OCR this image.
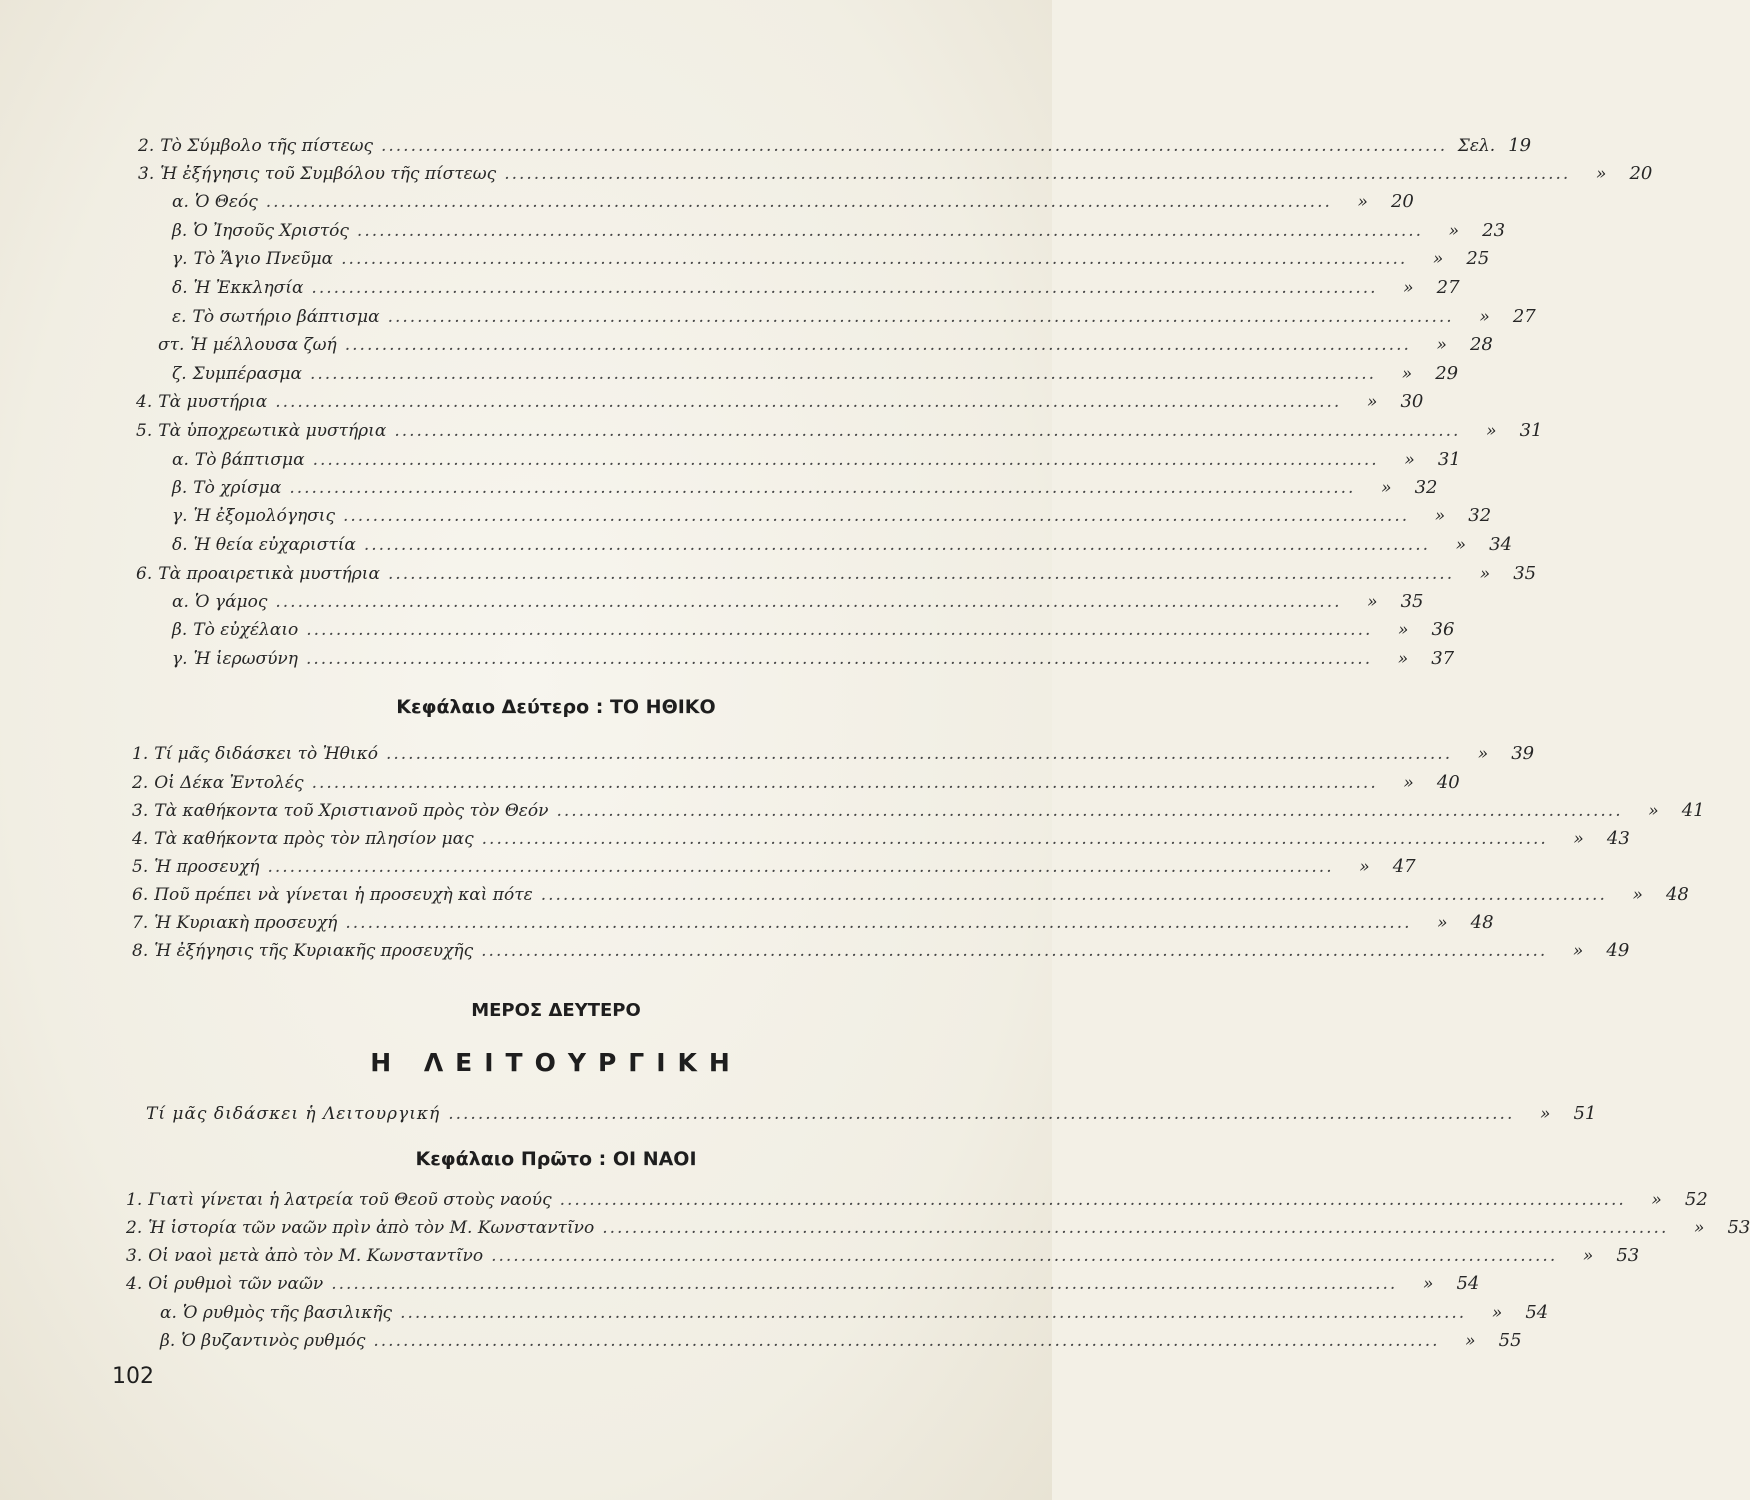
2. Τὸ Σύμβολο τῆς πίστεως ................................................................................................................................................ Σελ. 19
3. Ἡ ἐξήγησις τοῦ Συμβόλου τῆς πίστεως ................................................................................................................................................	»	20
α. Ὁ Θεός ................................................................................................................................................	»	20
β. Ὁ Ἰησοῦς Χριστός ................................................................................................................................................	»	23
γ. Τὸ Ἅγιο Πνεῦμα ................................................................................................................................................	»	25
δ. Ἡ Ἐκκλησία ................................................................................................................................................	»	27
ε. Τὸ σωτήριο βάπτισμα ................................................................................................................................................	»	27
στ. Ἡ μέλλουσα ζωή ................................................................................................................................................	»	28
ζ. Συμπέρασμα ................................................................................................................................................	»	29
4. Τὰ μυστήρια ................................................................................................................................................	»	30
5. Τὰ ὑποχρεωτικὰ μυστήρια ................................................................................................................................................	»	31
α. Τὸ βάπτισμα ................................................................................................................................................	»	31
β. Τὸ χρίσμα ................................................................................................................................................	»	32
γ. Ἡ ἐξομολόγησις ................................................................................................................................................	»	32
δ. Ἡ θεία εὐχαριστία ................................................................................................................................................	»	34
6. Τὰ προαιρετικὰ μυστήρια ................................................................................................................................................	»	35
α. Ὁ γάμος ................................................................................................................................................	»	35
β. Τὸ εὐχέλαιο ................................................................................................................................................	»	36
γ. Ἡ ἱερωσύνη ................................................................................................................................................	»	37
Κεφάλαιο Δεύτερο : ΤΟ ΗΘΙΚΟ
1. Τί μᾶς διδάσκει τὸ Ἠθικό ................................................................................................................................................	»	39
2. Οἱ Δέκα Ἐντολές ................................................................................................................................................	»	40
3. Τὰ καθήκοντα τοῦ Χριστιανοῦ πρὸς τὸν Θεόν ................................................................................................................................................	»	41
4. Τὰ καθήκοντα πρὸς τὸν πλησίον μας ................................................................................................................................................	»	43
5. Ἡ προσευχή ................................................................................................................................................	»	47
6. Ποῦ πρέπει νὰ γίνεται ἡ προσευχὴ καὶ πότε ................................................................................................................................................	»	48
7. Ἡ Κυριακὴ προσευχή ................................................................................................................................................	»	48
8. Ἡ ἐξήγησις τῆς Κυριακῆς προσευχῆς ................................................................................................................................................	»	49
ΜΕΡΟΣ ΔΕΥΤΕΡΟ
Η ΛΕΙΤΟΥΡΓΙΚΗ
Τί μᾶς διδάσκει ἡ Λειτουργική ................................................................................................................................................	»	51
Κεφάλαιο Πρῶτο : ΟΙ ΝΑΟΙ
1. Γιατὶ γίνεται ἡ λατρεία τοῦ Θεοῦ στοὺς ναούς ................................................................................................................................................	»	52
2. Ἡ ἱστορία τῶν ναῶν πρὶν ἀπὸ τὸν Μ. Κωνσταντῖνο ................................................................................................................................................	»	53
3. Οἱ ναοὶ μετὰ ἀπὸ τὸν Μ. Κωνσταντῖνο ................................................................................................................................................	»	53
4. Οἱ ρυθμοὶ τῶν ναῶν ................................................................................................................................................	»	54
α. Ὁ ρυθμὸς τῆς βασιλικῆς ................................................................................................................................................	»	54
β. Ὁ βυζαντινὸς ρυθμός ................................................................................................................................................	»	55
102
